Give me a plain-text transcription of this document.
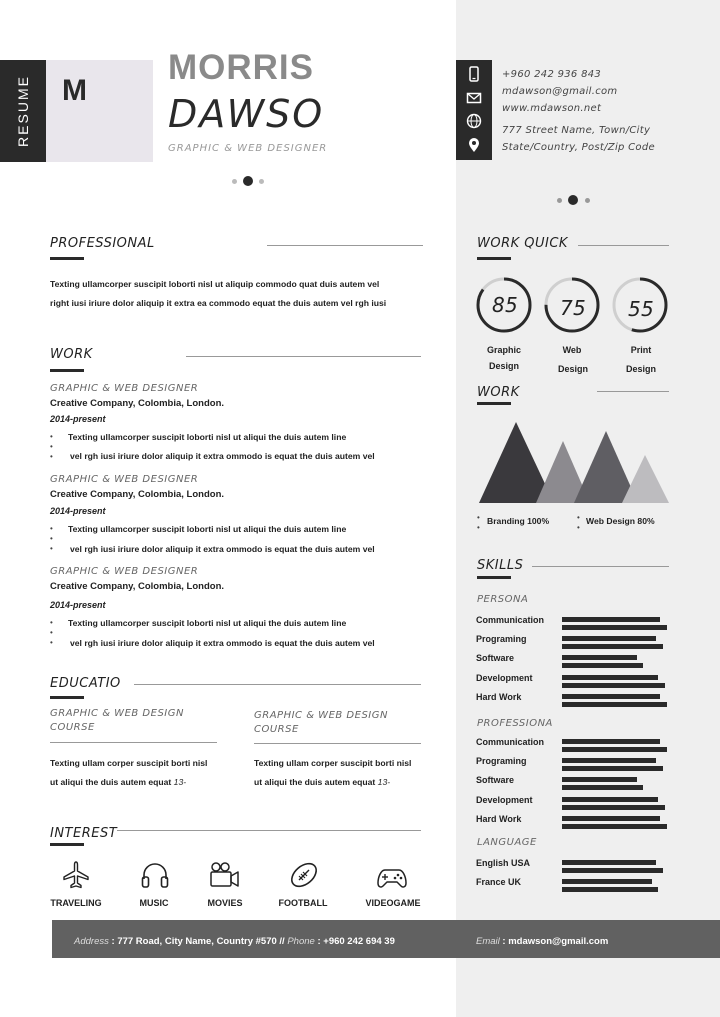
RESUME M
MORRIS
DAWSO
GRAPHIC & WEB DESIGNER
+960 242 936 843
mdawson@gmail.com
www.mdawson.net
777 Street Name, Town/City
State/Country, Post/Zip Code
PROFESSIONAL
Texting ullamcorper suscipit loborti nisl ut aliquip commodo quat duis autem vel
right iusi iriure dolor aliquip it extra ea commodo equat the duis autem vel rgh iusi
WORK
GRAPHIC & WEB DESIGNER
Creative Company, Colombia, London.
2014-present
•
•
•
Texting ullamcorper suscipit loborti nisl ut aliqui the duis autem line
vel rgh iusi iriure dolor aliquip it extra ommodo is equat the duis autem vel
GRAPHIC & WEB DESIGNER
Creative Company, Colombia, London.
2014-present
•
•
•
Texting ullamcorper suscipit loborti nisl ut aliqui the duis autem line
vel rgh iusi iriure dolor aliquip it extra ommodo is equat the duis autem vel
GRAPHIC & WEB DESIGNER
Creative Company, Colombia, London.
2014-present
•
•
•
Texting ullamcorper suscipit loborti nisl ut aliqui the duis autem line
vel rgh iusi iriure dolor aliquip it extra ommodo is equat the duis autem vel
EDUCATIO
GRAPHIC & WEB DESIGN
COURSE
Texting ullam corper suscipit borti nisl
ut aliqui the duis autem equat 13-
GRAPHIC & WEB DESIGN
COURSE
Texting ullam corper suscipit borti nisl
ut aliqui the duis autem equat 13-
INTEREST
TRAVELING	MUSIC	MOVIES	FOOTBALL	VIDEOGAME
WORK QUICK
85 75 55
Graphic
Design
Web
Design
Print
Design
WORK
•
•
Branding 100%	•
•
Web Design 80%
SKILLS
PERSONA
Communication
Programing
Software
Development
Hard Work
PROFESSIONA
Communication
Programing
Software
Development
Hard Work
LANGUAGE
English USA
France UK
Address : 777 Road, City Name, Country #570 // Phone : +960 242 694 39	Email : mdawson@gmail.com
